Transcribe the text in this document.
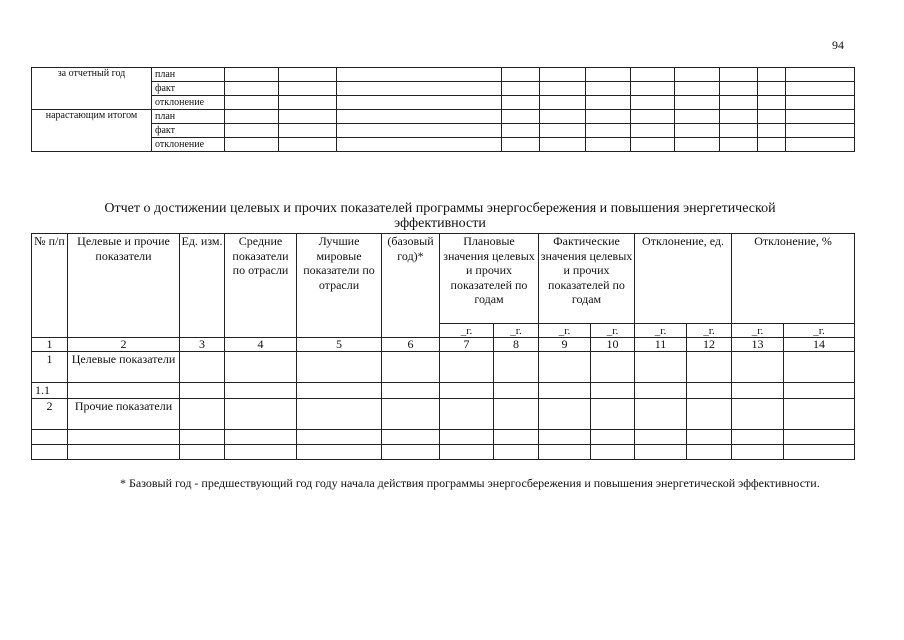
94
за отчетный год	план											
	факт											
	отклонение											
нарастающим итогом	план											
	факт											
	отклонение											
Отчет о достижении целевых и прочих показателей программы энергосбережения и повышения энергетической эффективности
№ п/п	Целевые и прочие показатели	Ед. изм.	Средние показатели по отрасли	Лучшие мировые показатели по отрасли	(базовый год)*	Плановые значения целевых и прочих показателей по годам		Фактические значения целевых и прочих показателей по годам		Отклонение, ед.		Отклонение, %	
						_г.	_г.	_г.	_г.	_г.	_г.	_г.	_г.
1	2	3	4	5	6	7	8	9	10	11	12	13	14
1	Целевые показатели												
1.1													
2	Прочие показатели												

* Базовый год - предшествующий год году начала действия программы энергосбережения и повышения энергетической эффективности.
